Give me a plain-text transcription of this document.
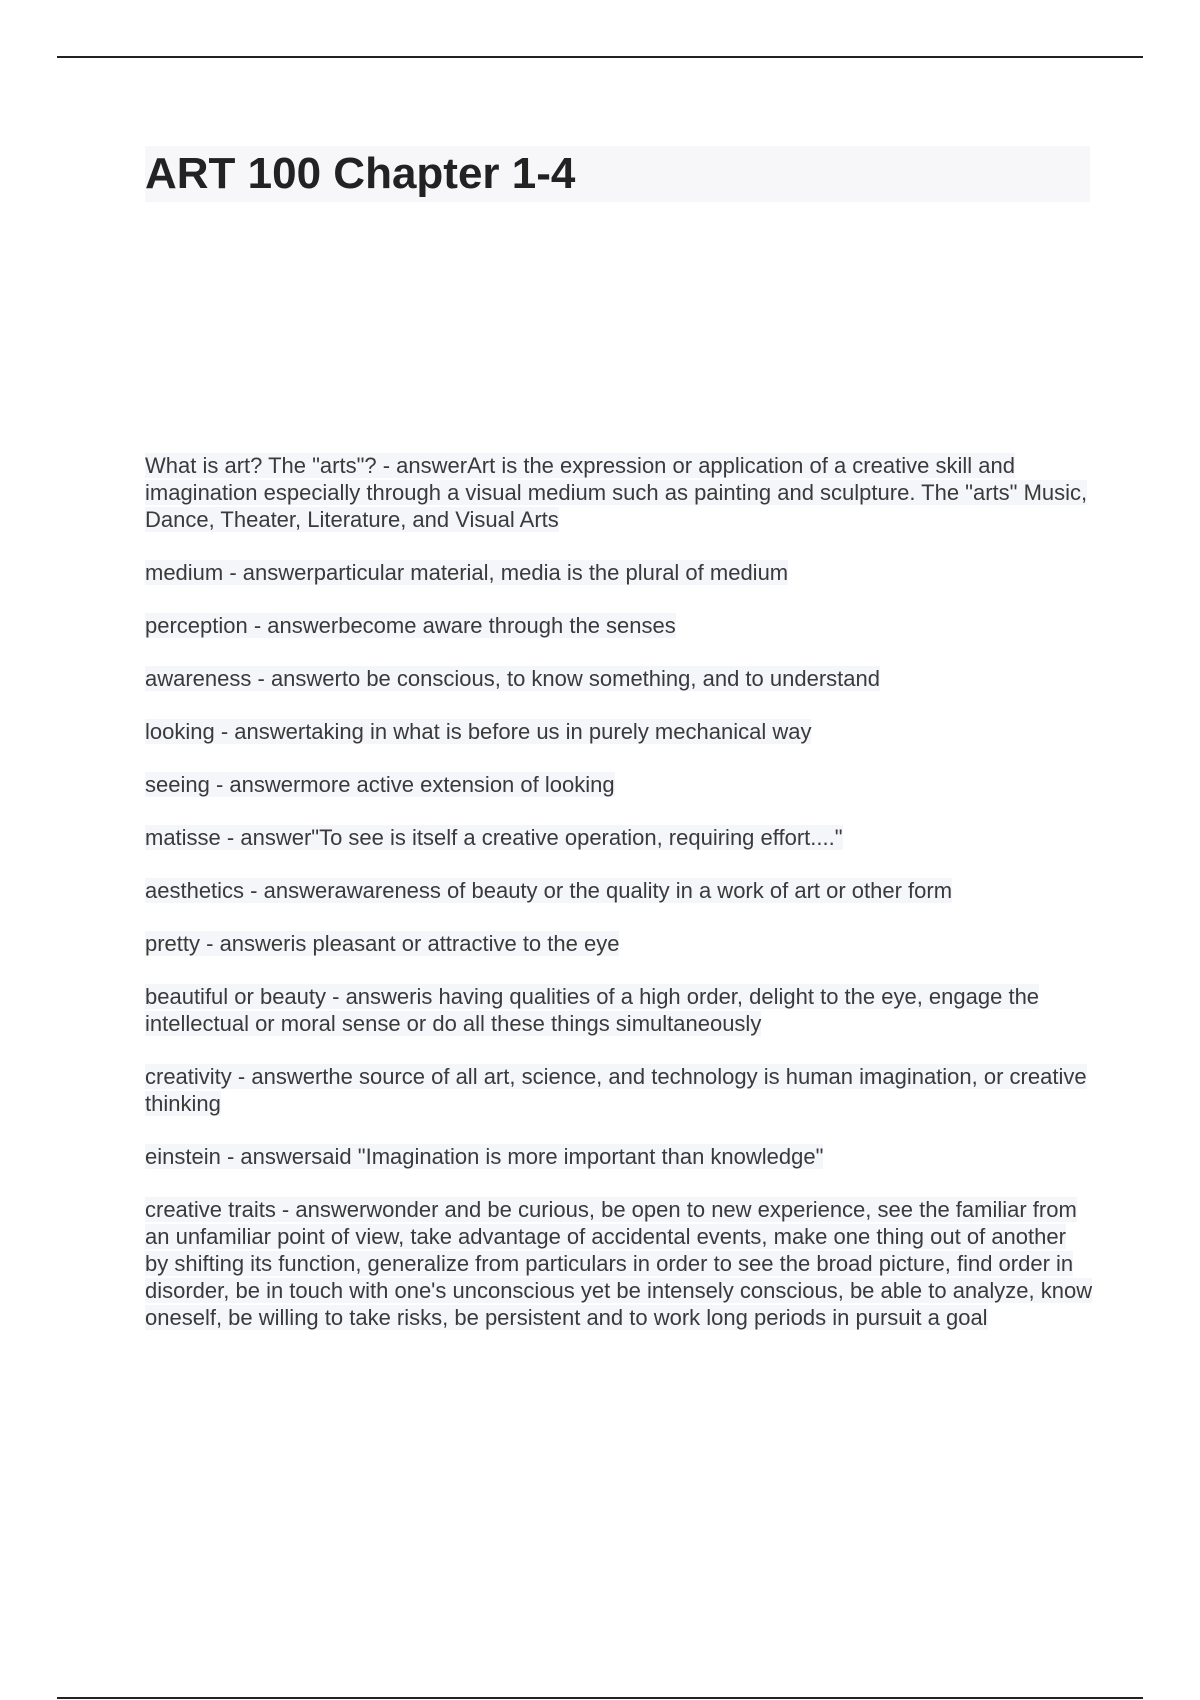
ART 100 Chapter 1-4

What is art? The "arts"? - answerArt is the expression or application of a creative skill and imagination especially through a visual medium such as painting and sculpture. The "arts" Music, Dance, Theater, Literature, and Visual Arts

medium - answerparticular material, media is the plural of medium

perception - answerbecome aware through the senses

awareness - answerto be conscious, to know something, and to understand

looking - answertaking in what is before us in purely mechanical way

seeing - answermore active extension of looking

matisse - answer"To see is itself a creative operation, requiring effort...."

aesthetics - answerawareness of beauty or the quality in a work of art or other form

pretty - answeris pleasant or attractive to the eye

beautiful or beauty - answeris having qualities of a high order, delight to the eye, engage the intellectual or moral sense or do all these things simultaneously

creativity - answerthe source of all art, science, and technology is human imagination, or creative thinking

einstein - answersaid "Imagination is more important than knowledge"

creative traits - answerwonder and be curious, be open to new experience, see the familiar from an unfamiliar point of view, take advantage of accidental events, make one thing out of another by shifting its function, generalize from particulars in order to see the broad picture, find order in disorder, be in touch with one's unconscious yet be intensely conscious, be able to analyze, know oneself, be willing to take risks, be persistent and to work long periods in pursuit a goal
